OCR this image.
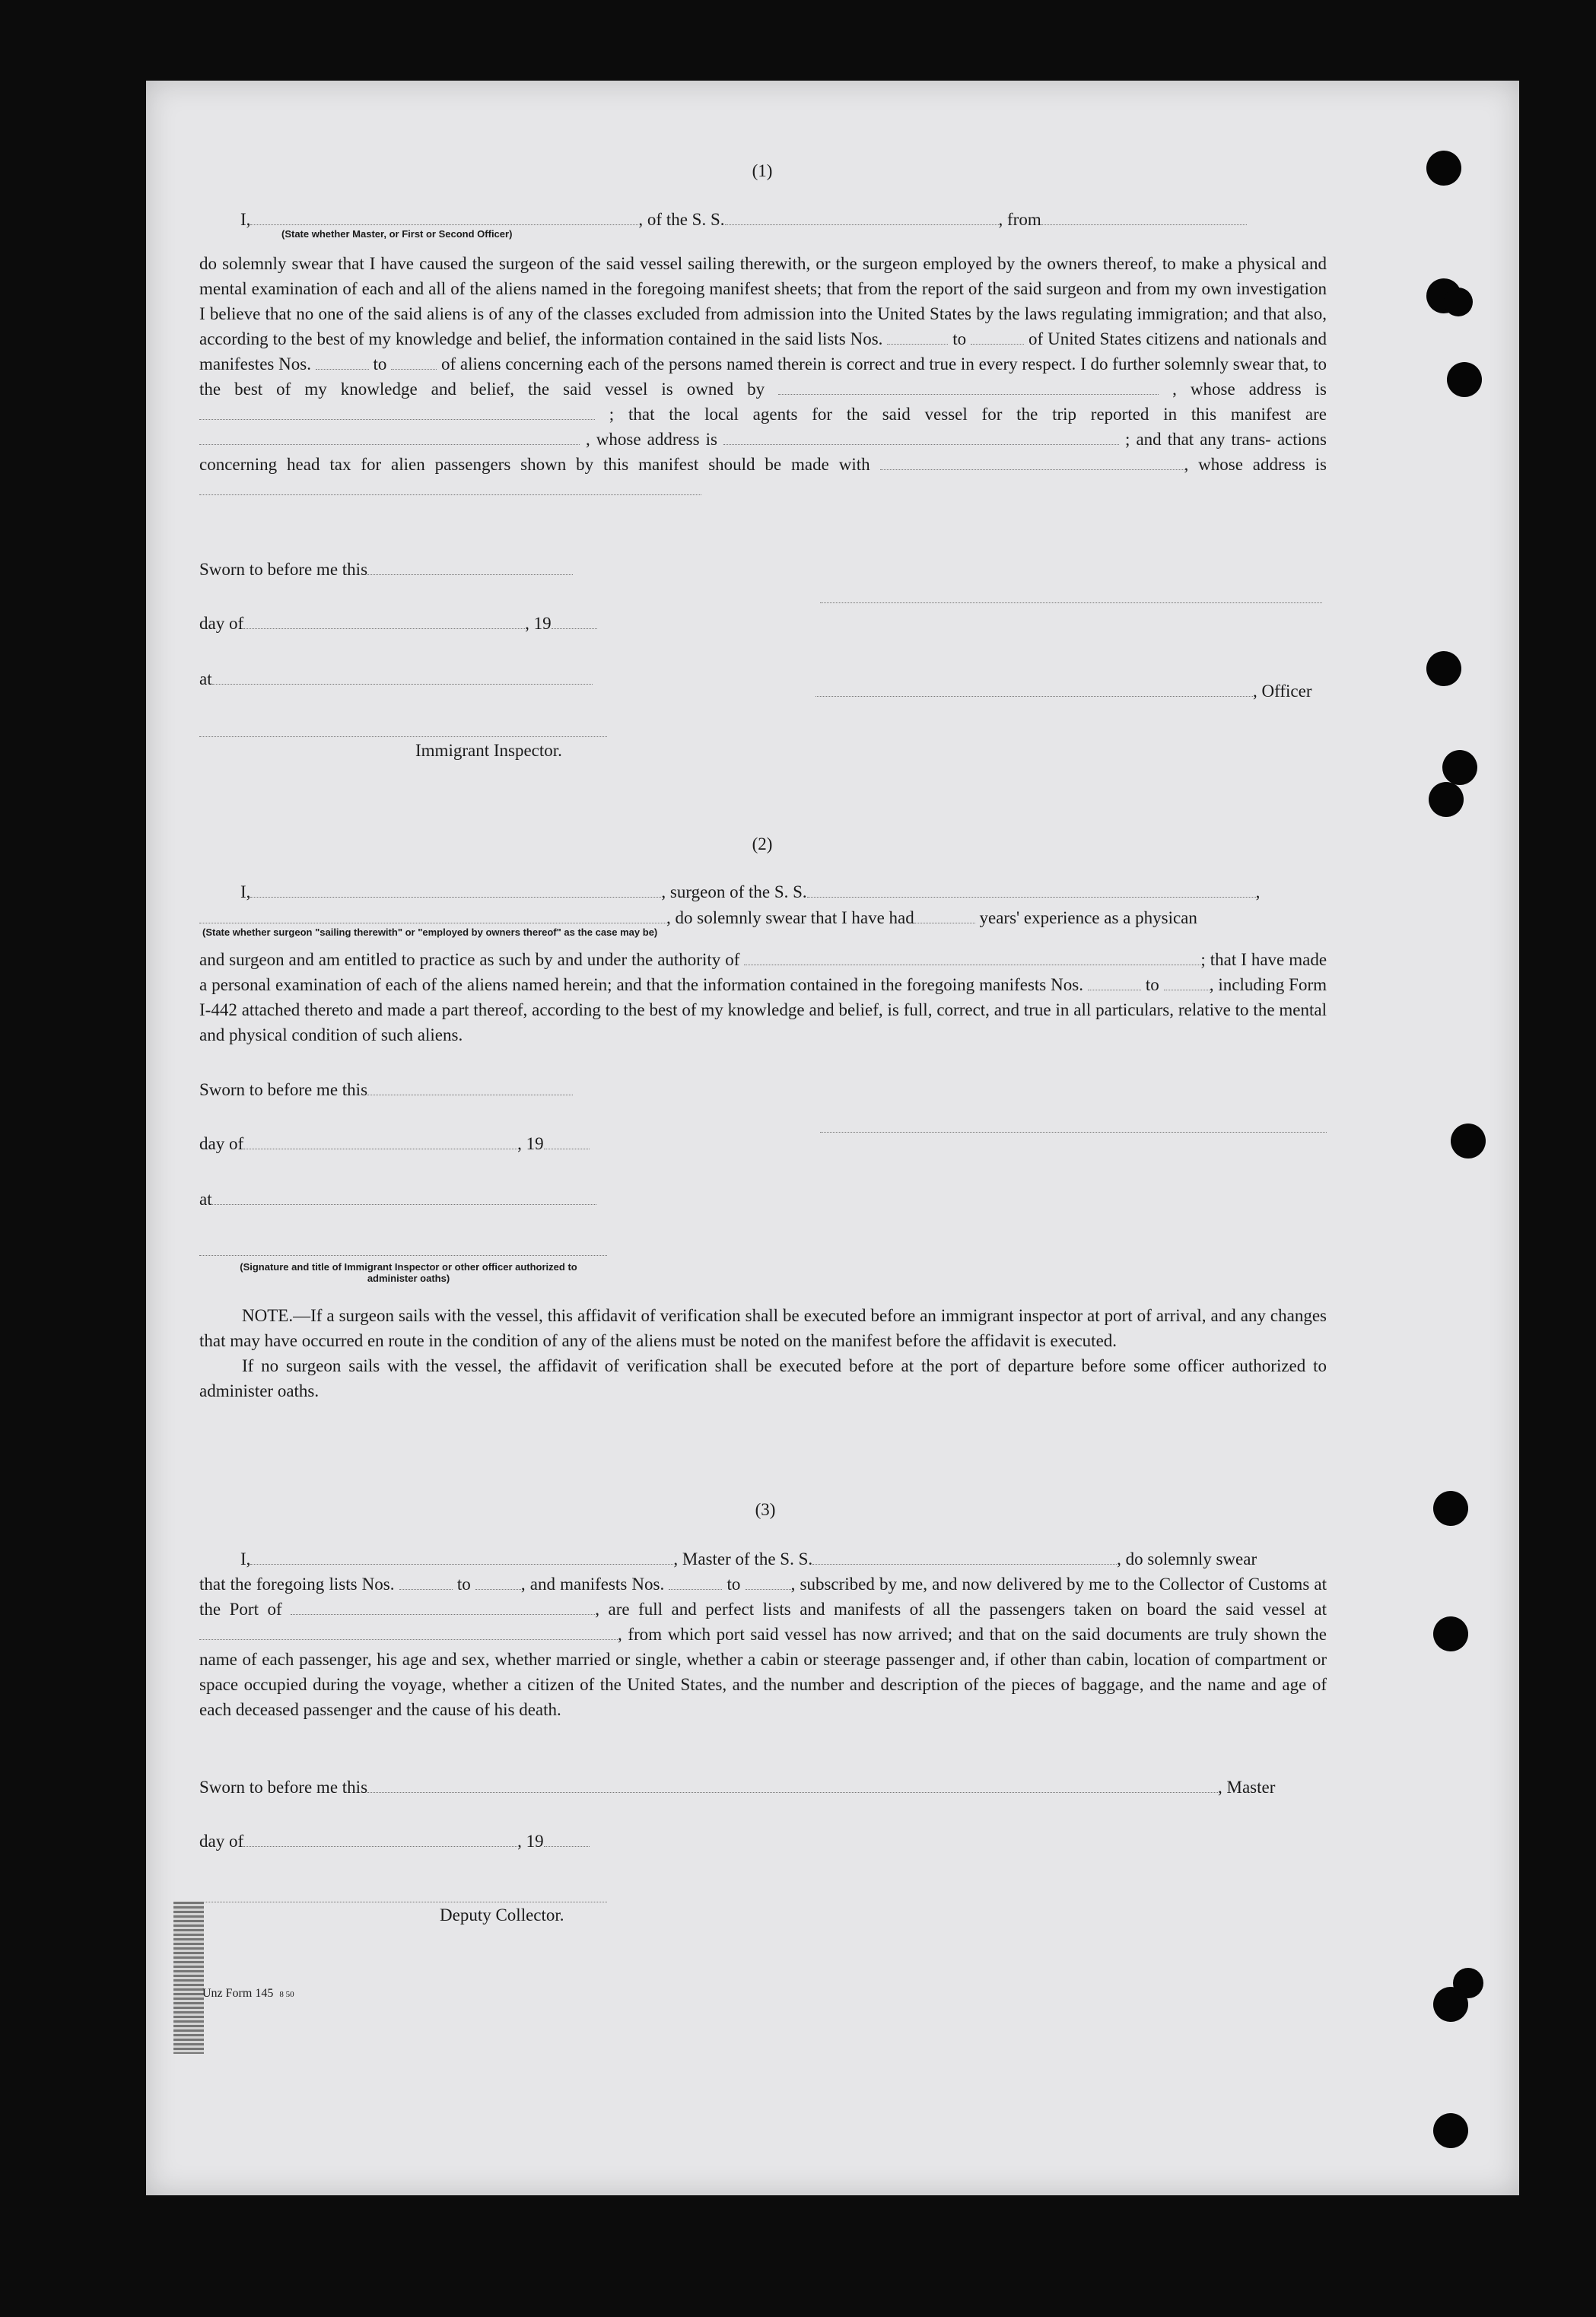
(1)
I,	, of the S. S.	, from
(State whether Master, or First or Second Officer)

do solemnly swear that I have caused the surgeon of the said vessel sailing therewith, or the surgeon employed by the owners thereof, to make a physical and mental examination of each and all of the aliens named in the foregoing manifest sheets; that from the report of the said surgeon and from my own investigation I believe that no one of the said aliens is of any of the classes excluded from admission into the United States by the laws regulating immigration; and that also, according to the best of my knowledge and belief, the information contained in the said lists Nos.	to	of United States citizens and nationals and manifestes Nos.	to	of aliens concerning each of the persons named therein is correct and true in every respect. I do further solemnly swear that, to the best of my knowledge and belief, the said vessel is owned by	, whose address is  ; that the local agents for the said vessel for the trip reported in this manifest are  , whose address is	; and that any trans- actions concerning head tax for alien passengers shown by this manifest should be made with	, whose address is

Sworn to before me this
day of	, 19
at
, Officer
Immigrant Inspector.
(2)
I,	, surgeon of the S. S.	,
, do solemnly swear that I have had	years' experience as a physican
(State whether surgeon "sailing therewith" or "employed by owners thereof" as the case may be)

and surgeon and am entitled to practice as such by and under the authority of	; that I have made a personal examination of each of the aliens named herein; and that the information contained in the foregoing manifests Nos.	to	, including Form I-442 attached thereto and made a part thereof, according to the best of my knowledge and belief, is full, correct, and true in all particulars, relative to the mental and physical condition of such aliens.

Sworn to before me this
day of	, 19
at
(Signature and title of Immigrant Inspector or other officer authorized to administer oaths)

NOTE.—If a surgeon sails with the vessel, this affidavit of verification shall be executed before an immigrant inspector at port of arrival, and any changes that may have occurred en route in the condition of any of the aliens must be noted on the manifest before the affidavit is executed.

If no surgeon sails with the vessel, the affidavit of verification shall be executed before at the port of departure before some officer authorized to administer oaths.

(3)
I,	, Master of the S. S.	, do solemnly swear

that the foregoing lists Nos.	to	, and manifests Nos.	to	, subscribed by me, and now delivered by me to the Collector of Customs at the Port of	, are full and perfect lists and manifests of all the passengers taken on board the said vessel at , from which port said vessel has now arrived; and that on the said documents are truly shown the name of each passenger, his age and sex, whether married or single, whether a cabin or steerage passenger and, if other than cabin, location of compartment or space occupied during the voyage, whether a citizen of the United States, and the number and description of the pieces of baggage, and the name and age of each deceased passenger and the cause of his death.

Sworn to before me this	, Master
day of	, 19
Deputy Collector.
Unz Form 145 8 50
